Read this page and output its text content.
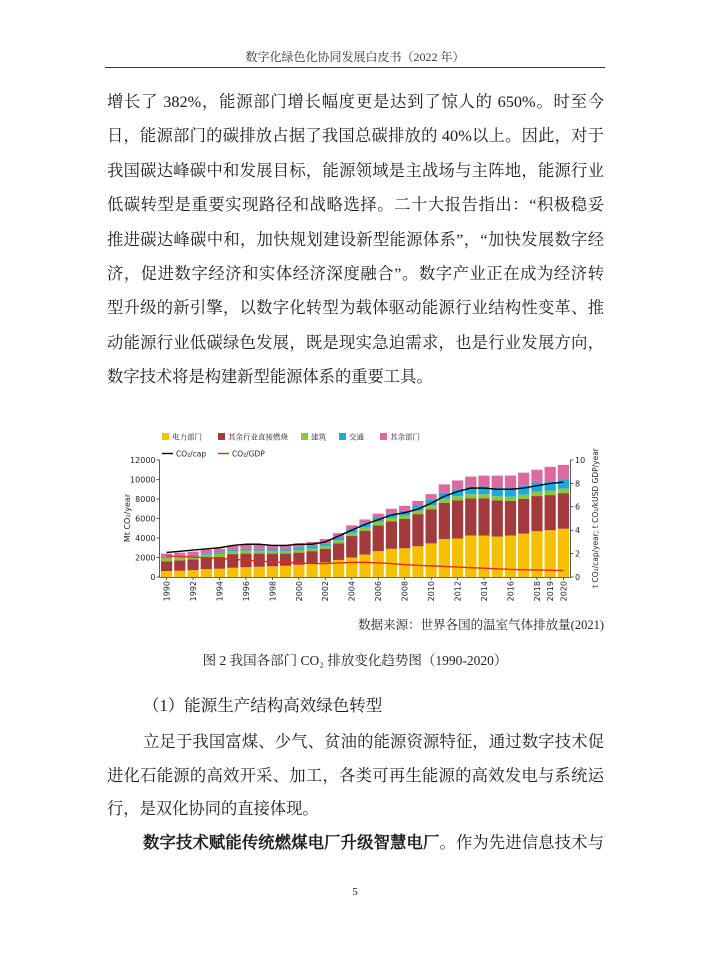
数字化绿色化协同发展白皮书（2022 年）
增长了 382%，能源部门增长幅度更是达到了惊人的 650%。时至今
日，能源部门的碳排放占据了我国总碳排放的 40%以上。因此，对于
我国碳达峰碳中和发展目标，能源领域是主战场与主阵地，能源行业
低碳转型是重要实现路径和战略选择。二十大报告指出：“积极稳妥
推进碳达峰碳中和，加快规划建设新型能源体系”，“加快发展数字经
济，促进数字经济和实体经济深度融合”。数字产业正在成为经济转
型升级的新引擎，以数字化转型为载体驱动能源行业结构性变革、推
动能源行业低碳绿色发展，既是现实急迫需求，也是行业发展方向，
数字技术将是构建新型能源体系的重要工具。
0
2000
4000
6000
8000
10000
12000
0
2
4
6
8
10
1990 1992 1994 1996 1998 2000 2002 2004 2006 2008 2010 2012 2014 2016 2018 2019 2020
Mt CO₂/year	t CO₂/cap/year; t CO₂/kUSD GDP/year
电力部门	其余行业直接燃烧	建筑	交通	其余部门
CO₂/cap	CO₂/GDP
数据来源：世界各国的温室气体排放量(2021)
图 2 我国各部门 CO₂ 排放变化趋势图（1990-2020）
（1）能源生产结构高效绿色转型
立足于我国富煤、少气、贫油的能源资源特征，通过数字技术促
进化石能源的高效开采、加工，各类可再生能源的高效发电与系统运
行，是双化协同的直接体现。
数字技术赋能传统燃煤电厂升级智慧电厂。作为先进信息技术与
5
